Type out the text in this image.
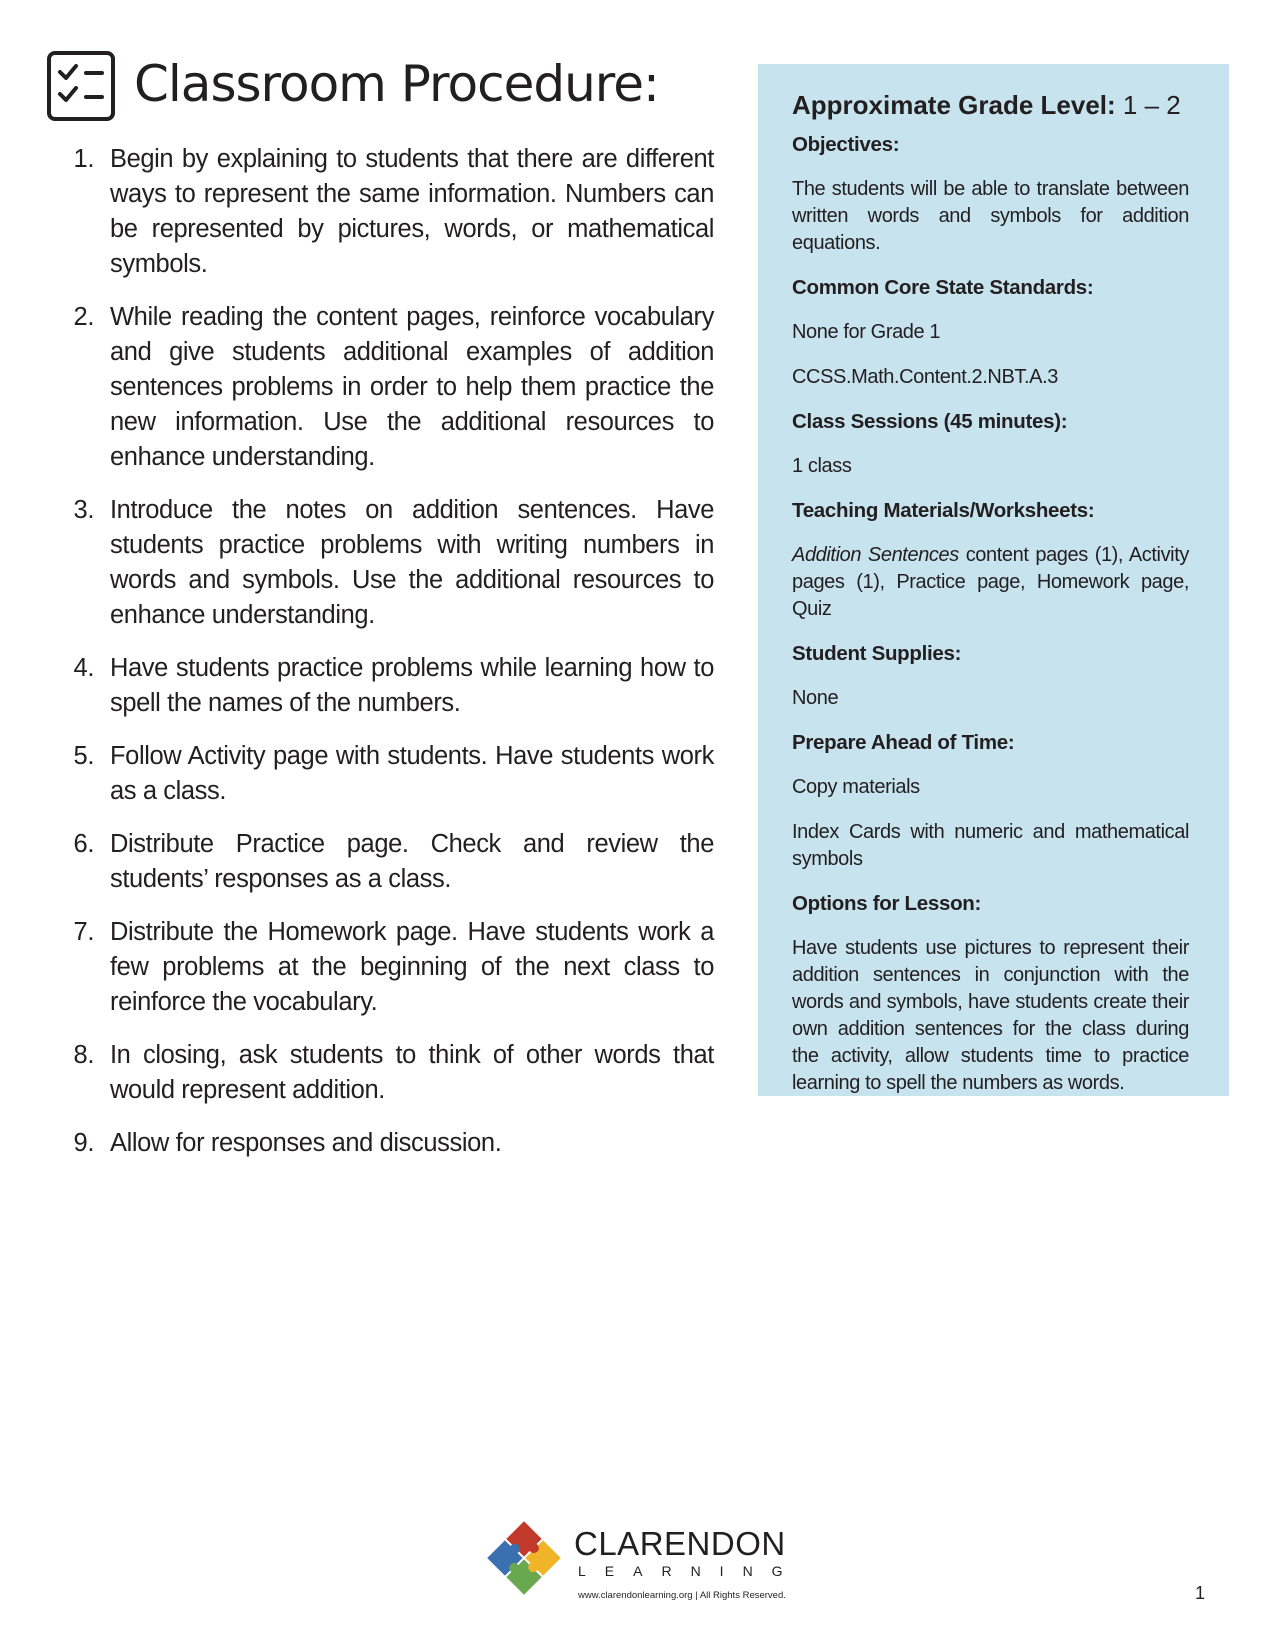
Classroom Procedure:
1. Begin by explaining to students that there are different ways to represent the same information. Numbers can be represented by pictures, words, or mathematical symbols.
2. While reading the content pages, reinforce vocabulary and give students additional examples of addition sentences problems in order to help them practice the new information. Use the additional resources to enhance understanding.
3. Introduce the notes on addition sentences. Have students practice problems with writing numbers in words and symbols. Use the additional resources to enhance understanding.
4. Have students practice problems while learning how to spell the names of the numbers.
5. Follow Activity page with students. Have students work as a class.
6. Distribute Practice page. Check and review the students’ responses as a class.
7. Distribute the Homework page. Have students work a few problems at the beginning of the next class to reinforce the vocabulary.
8. In closing, ask students to think of other words that would represent addition.
9. Allow for responses and discussion.

Approximate Grade Level: 1 – 2

Objectives:

The students will be able to translate between written words and symbols for addition equations.

Common Core State Standards:

None for Grade 1

CCSS.Math.Content.2.NBT.A.3

Class Sessions (45 minutes):

1 class

Teaching Materials/Worksheets:

Addition Sentences content pages (1), Activity pages (1), Practice page, Homework page, Quiz

Student Supplies:

None

Prepare Ahead of Time:

Copy materials

Index Cards with numeric and mathematical symbols

Options for Lesson:

Have students use pictures to represent their addition sentences in conjunction with the words and symbols, have students create their own addition sentences for the class during the activity, allow students time to practice learning to spell the numbers as words.

CLARENDON
LEARNING
www.clarendonlearning.org | All Rights Reserved.	1
